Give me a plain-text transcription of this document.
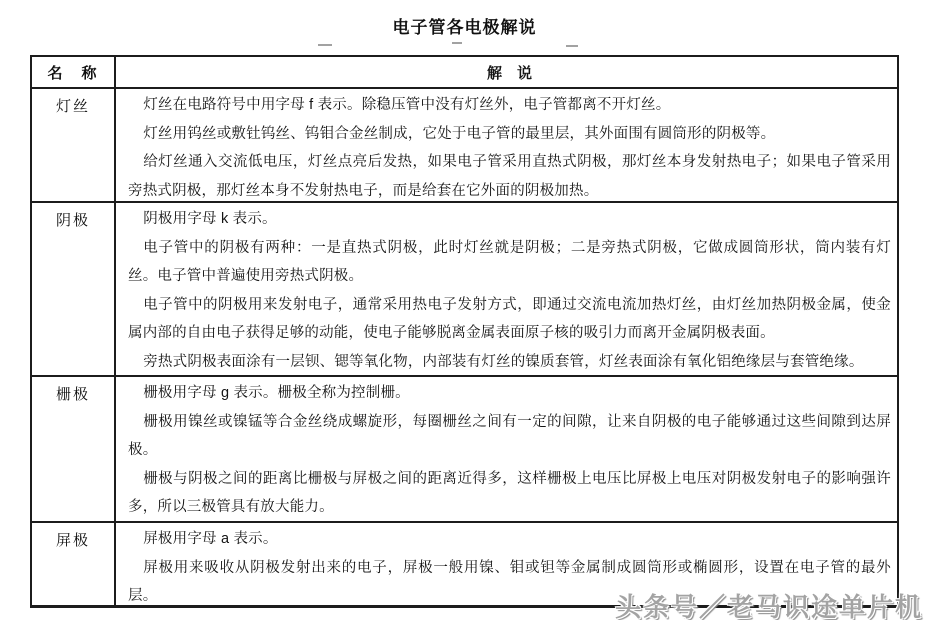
电子管各电极解说
名　称	解　说
灯丝	灯丝在电路符号中用字母 f 表示。除稳压管中没有灯丝外，电子管都离不开灯丝。

灯丝用钨丝或敷钍钨丝、钨钼合金丝制成，它处于电子管的最里层，其外面围有圆筒形的阴极等。

给灯丝通入交流低电压，灯丝点亮后发热，如果电子管采用直热式阴极，那灯丝本身发射热电子；如果电子管采用旁热式阴极，那灯丝本身不发射热电子，而是给套在它外面的阴极加热。

阴极	阴极用字母 k 表示。

电子管中的阴极有两种：一是直热式阴极，此时灯丝就是阴极；二是旁热式阴极，它做成圆筒形状，筒内装有灯丝。电子管中普遍使用旁热式阴极。

电子管中的阴极用来发射电子，通常采用热电子发射方式，即通过交流电流加热灯丝，由灯丝加热阴极金属，使金属内部的自由电子获得足够的动能，使电子能够脱离金属表面原子核的吸引力而离开金属阴极表面。

旁热式阴极表面涂有一层钡、锶等氧化物，内部装有灯丝的镍质套管，灯丝表面涂有氧化铝绝缘层与套管绝缘。

栅极	栅极用字母 g 表示。栅极全称为控制栅。

栅极用镍丝或镍锰等合金丝绕成螺旋形，每圈栅丝之间有一定的间隙，让来自阴极的电子能够通过这些间隙到达屏极。

栅极与阴极之间的距离比栅极与屏极之间的距离近得多，这样栅极上电压比屏极上电压对阴极发射电子的影响强许多，所以三极管具有放大能力。

屏极	屏极用字母 a 表示。

屏极用来吸收从阴极发射出来的电子，屏极一般用镍、钼或钽等金属制成圆筒形或椭圆形，设置在电子管的最外层。	头条号／老马识途单片机
